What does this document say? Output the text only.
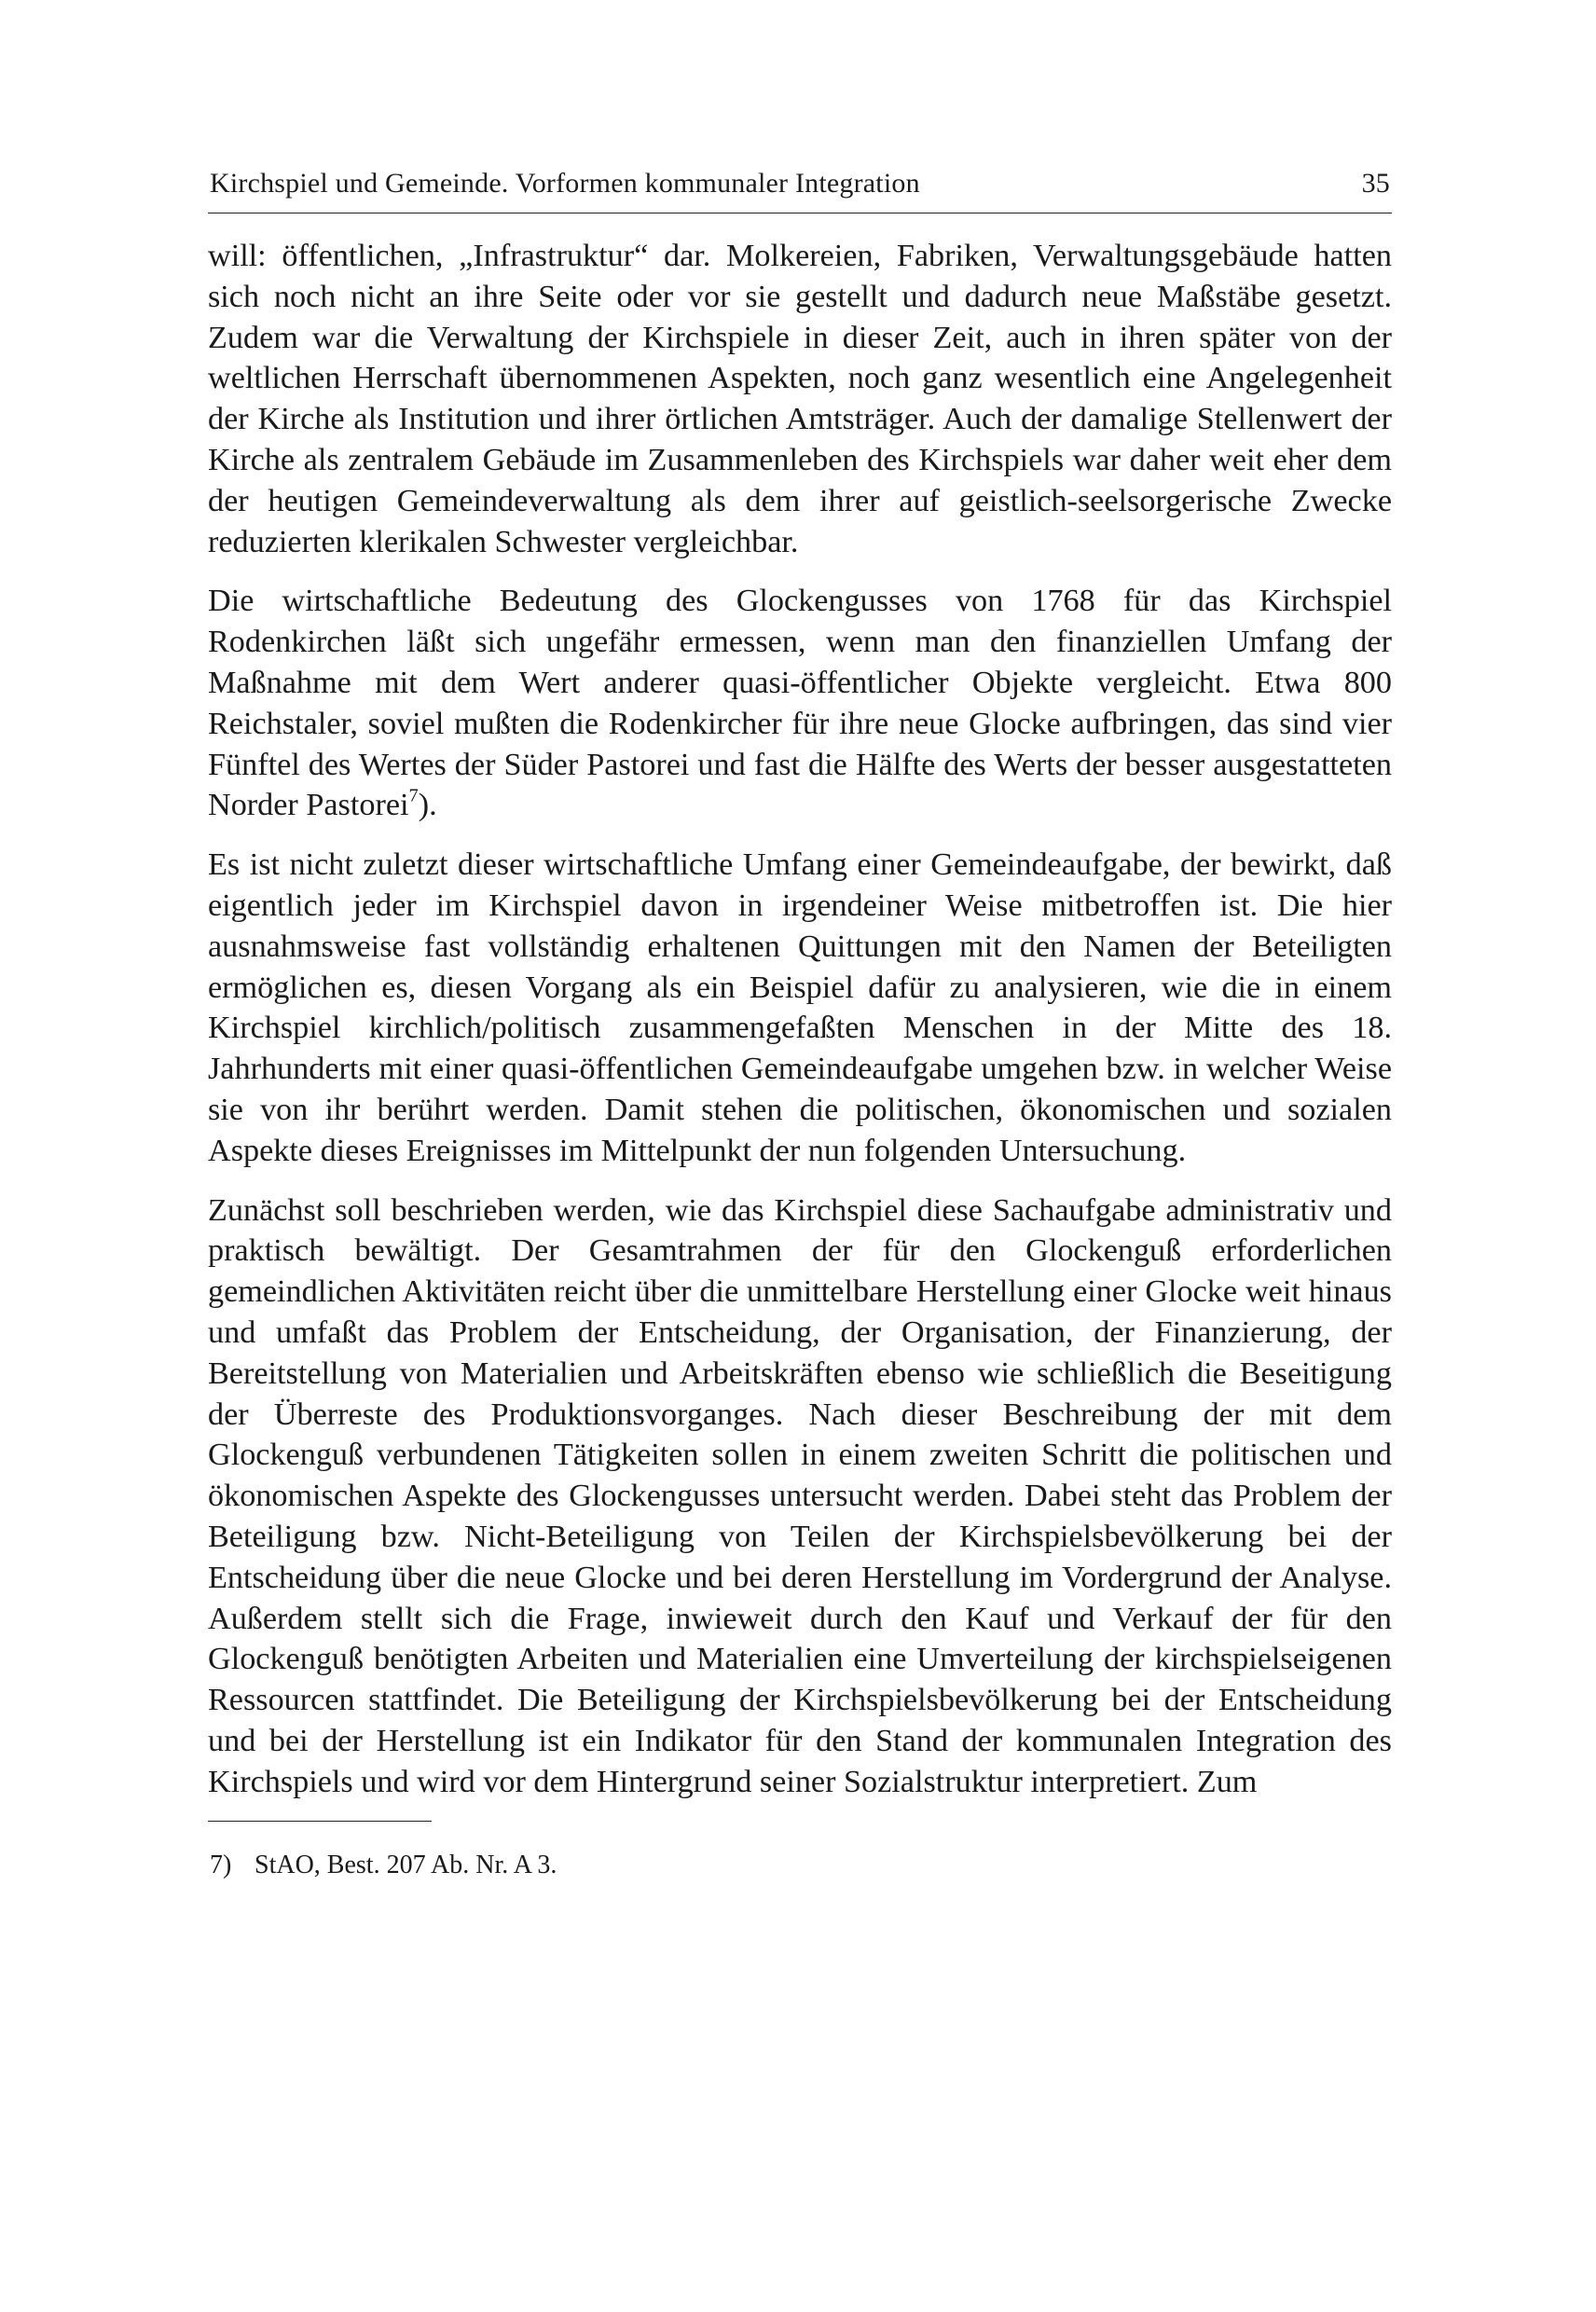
Kirchspiel und Gemeinde. Vorformen kommunaler Integration	35

will: öffentlichen, „Infrastruktur“ dar. Molkereien, Fabriken, Verwaltungsgebäude hatten sich noch nicht an ihre Seite oder vor sie gestellt und dadurch neue Maßstäbe gesetzt. Zudem war die Verwaltung der Kirchspiele in dieser Zeit, auch in ihren später von der weltlichen Herrschaft übernommenen Aspekten, noch ganz wesentlich eine Angelegenheit der Kirche als Institution und ihrer örtlichen Amtsträger. Auch der damalige Stellenwert der Kirche als zentralem Gebäude im Zusammenleben des Kirchspiels war daher weit eher dem der heutigen Gemeindeverwaltung als dem ihrer auf geistlich-seelsorgerische Zwecke reduzierten klerikalen Schwester vergleichbar.

Die wirtschaftliche Bedeutung des Glockengusses von 1768 für das Kirchspiel Rodenkirchen läßt sich ungefähr ermessen, wenn man den finanziellen Umfang der Maßnahme mit dem Wert anderer quasi-öffentlicher Objekte vergleicht. Etwa 800 Reichstaler, soviel mußten die Rodenkircher für ihre neue Glocke aufbringen, das sind vier Fünftel des Wertes der Süder Pastorei und fast die Hälfte des Werts der besser ausgestatteten Norder Pastorei$^7$).

Es ist nicht zuletzt dieser wirtschaftliche Umfang einer Gemeindeaufgabe, der bewirkt, daß eigentlich jeder im Kirchspiel davon in irgendeiner Weise mitbetroffen ist. Die hier ausnahmsweise fast vollständig erhaltenen Quittungen mit den Namen der Beteiligten ermöglichen es, diesen Vorgang als ein Beispiel dafür zu analysieren, wie die in einem Kirchspiel kirchlich/politisch zusammengefaßten Menschen in der Mitte des 18. Jahrhunderts mit einer quasi-öffentlichen Gemeindeaufgabe umgehen bzw. in welcher Weise sie von ihr berührt werden. Damit stehen die politischen, ökonomischen und sozialen Aspekte dieses Ereignisses im Mittelpunkt der nun folgenden Untersuchung.

Zunächst soll beschrieben werden, wie das Kirchspiel diese Sachaufgabe administrativ und praktisch bewältigt. Der Gesamtrahmen der für den Glockenguß erforderlichen gemeindlichen Aktivitäten reicht über die unmittelbare Herstellung einer Glocke weit hinaus und umfaßt das Problem der Entscheidung, der Organisation, der Finanzierung, der Bereitstellung von Materialien und Arbeitskräften ebenso wie schließlich die Beseitigung der Überreste des Produktionsvorganges. Nach dieser Beschreibung der mit dem Glockenguß verbundenen Tätigkeiten sollen in einem zweiten Schritt die politischen und ökonomischen Aspekte des Glockengusses untersucht werden. Dabei steht das Problem der Beteiligung bzw. Nicht-Beteiligung von Teilen der Kirchspielsbevölkerung bei der Entscheidung über die neue Glocke und bei deren Herstellung im Vordergrund der Analyse. Außerdem stellt sich die Frage, inwieweit durch den Kauf und Verkauf der für den Glockenguß benötigten Arbeiten und Materialien eine Umverteilung der kirchspielseigenen Ressourcen stattfindet. Die Beteiligung der Kirchspielsbevölkerung bei der Entscheidung und bei der Herstellung ist ein Indikator für den Stand der kommunalen Integration des Kirchspiels und wird vor dem Hintergrund seiner Sozialstruktur interpretiert. Zum

7) StAO, Best. 207 Ab. Nr. A 3.
